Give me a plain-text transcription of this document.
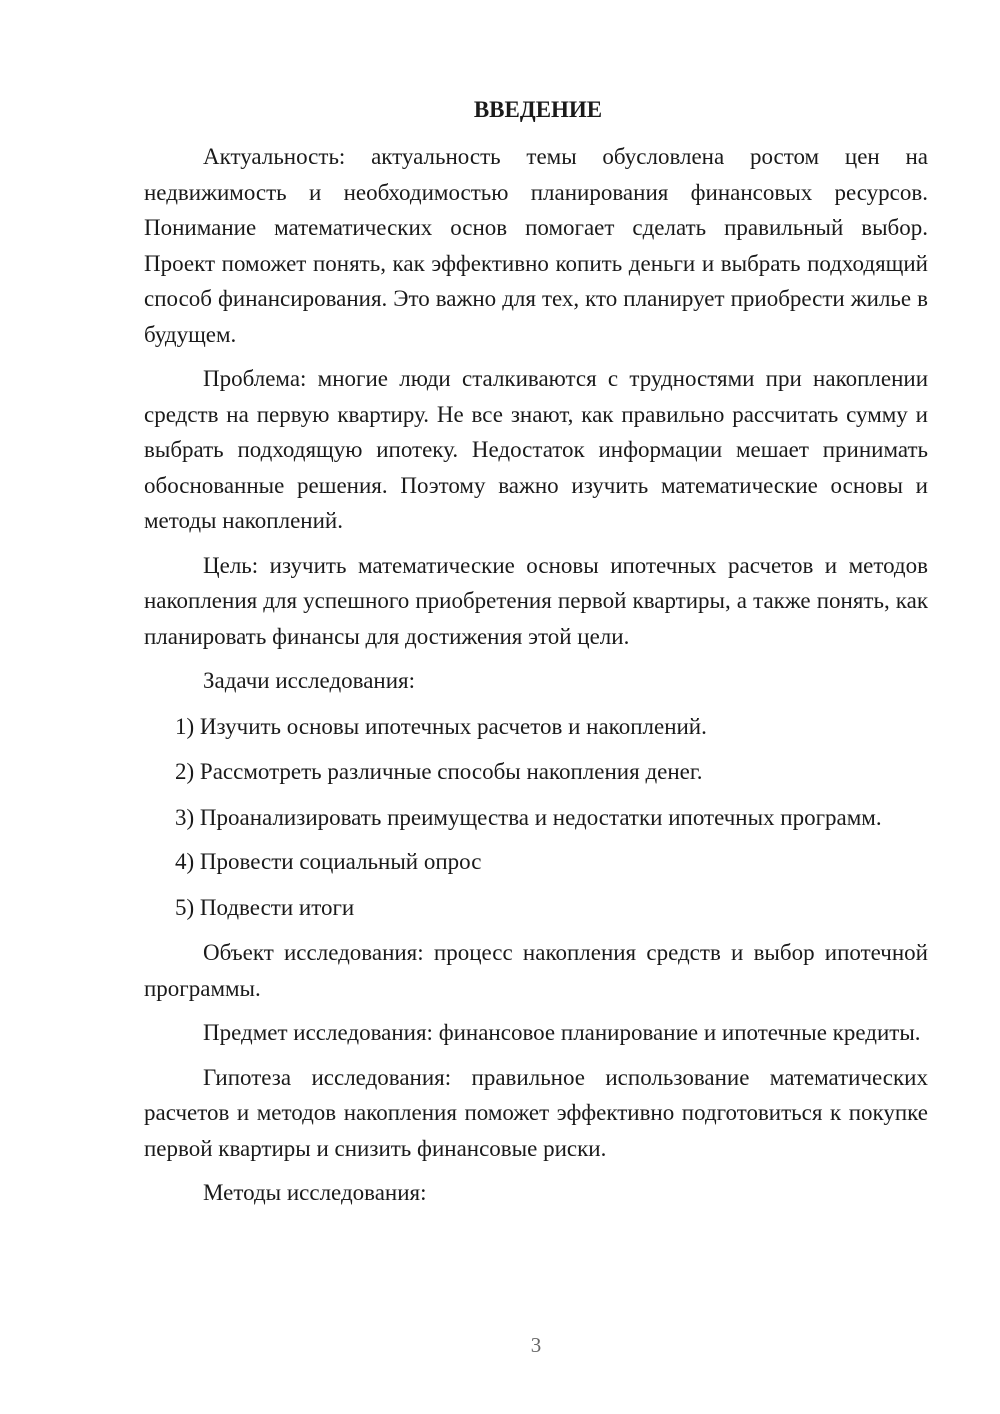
ВВЕДЕНИЕ

Актуальность: актуальность темы обусловлена ростом цен на недвижимость и необходимостью планирования финансовых ресурсов. Понимание математических основ помогает сделать правильный выбор. Проект поможет понять, как эффективно копить деньги и выбрать подходящий способ финансирования. Это важно для тех, кто планирует приобрести жилье в будущем.

Проблема: многие люди сталкиваются с трудностями при накоплении средств на первую квартиру. Не все знают, как правильно рассчитать сумму и выбрать подходящую ипотеку. Недостаток информации мешает принимать обоснованные решения. Поэтому важно изучить математические основы и методы накоплений.

Цель: изучить математические основы ипотечных расчетов и методов накопления для успешного приобретения первой квартиры, а также понять, как планировать финансы для достижения этой цели.

Задачи исследования:

1) Изучить основы ипотечных расчетов и накоплений.

2) Рассмотреть различные способы накопления денег.

3) Проанализировать преимущества и недостатки ипотечных программ.

4) Провести социальный опрос

5) Подвести итоги

Объект исследования: процесс накопления средств и выбор ипотечной программы.

Предмет исследования: финансовое планирование и ипотечные кредиты.

Гипотеза исследования: правильное использование математических расчетов и методов накопления поможет эффективно подготовиться к покупке первой квартиры и снизить финансовые риски.

Методы исследования:

3
